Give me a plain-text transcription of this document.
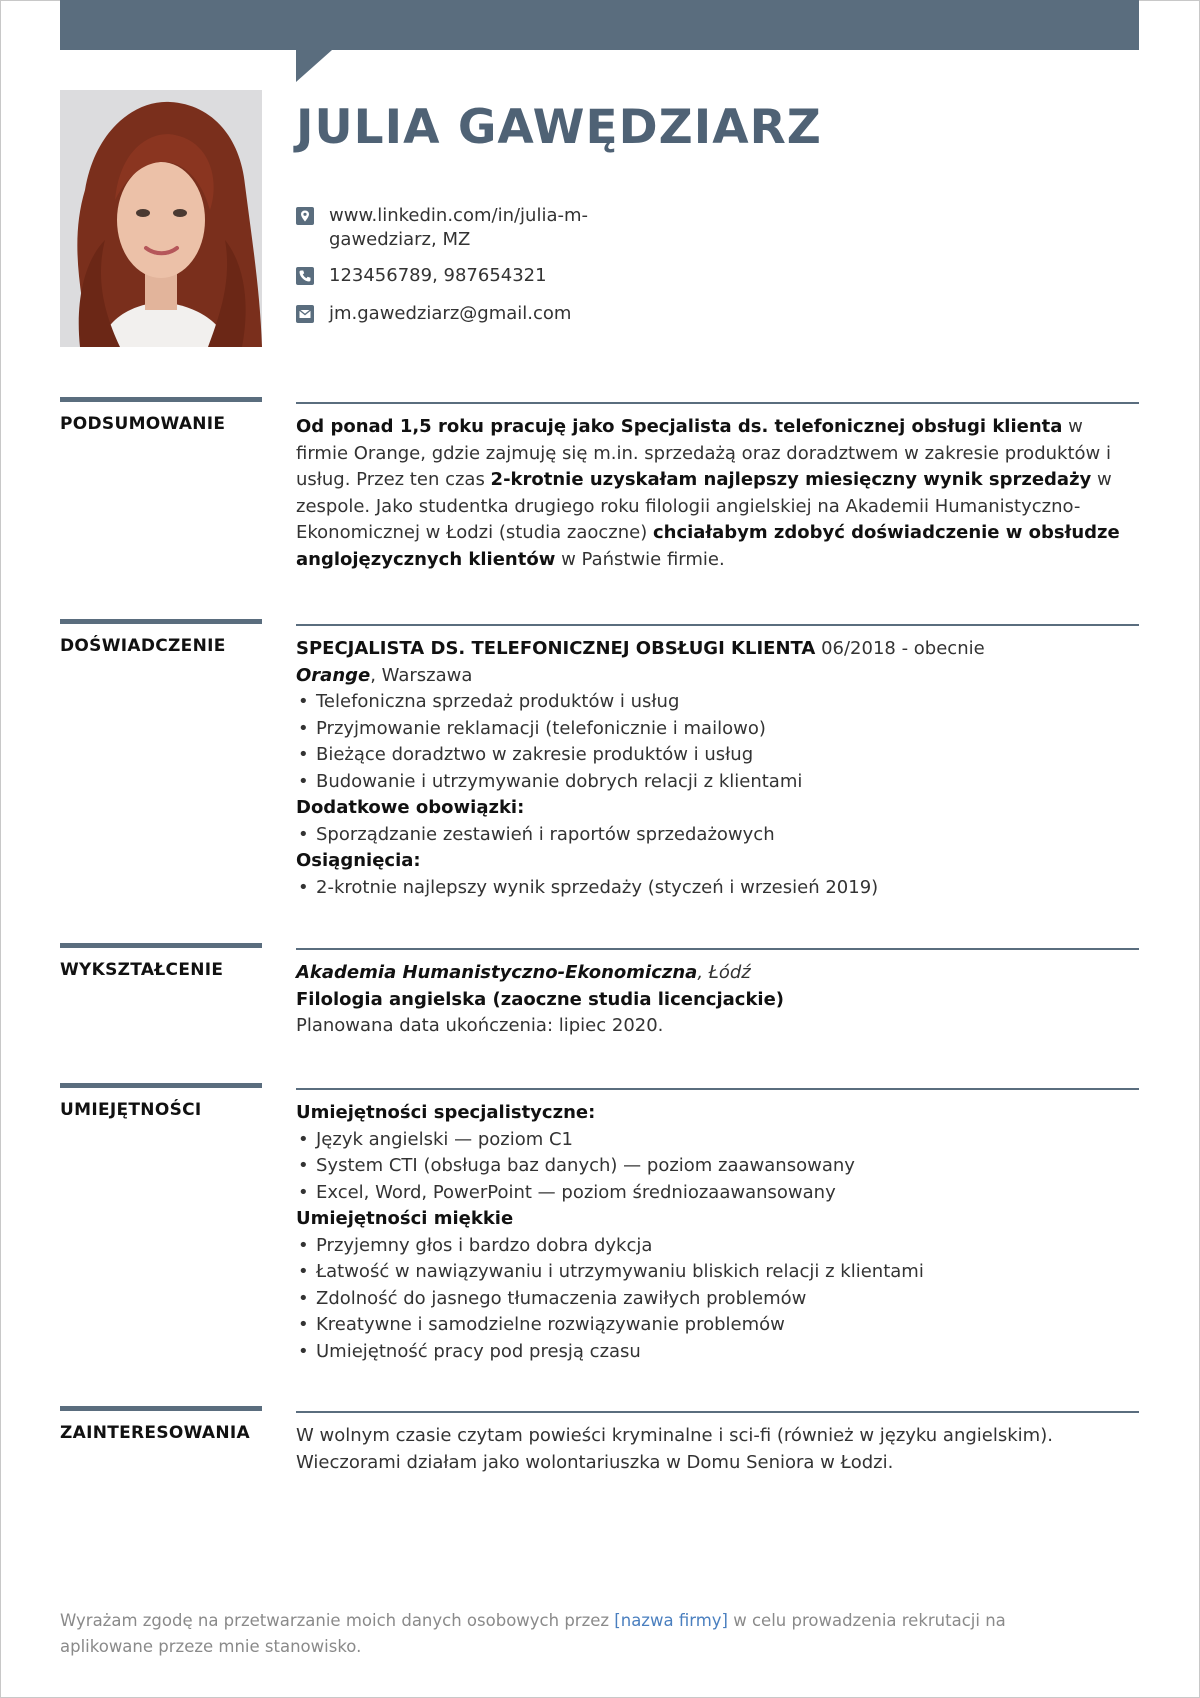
JULIA GAWĘDZIARZ
www.linkedin.com/in/julia-m-gawedziarz, MZ
123456789, 987654321
jm.gawedziarz@gmail.com
PODSUMOWANIE	Od ponad 1,5 roku pracuję jako Specjalista ds. telefonicznej obsługi klienta w firmie Orange, gdzie zajmuję się m.in. sprzedażą oraz doradztwem w zakresie produktów i usług. Przez ten czas 2-krotnie uzyskałam najlepszy miesięczny wynik sprzedaży w zespole. Jako studentka drugiego roku filologii angielskiej na Akademii Humanistyczno-Ekonomicznej w Łodzi (studia zaoczne) chciałabym zdobyć doświadczenie w obsłudze anglojęzycznych klientów w Państwie firmie.

DOŚWIADCZENIE	SPECJALISTA DS. TELEFONICZNEJ OBSŁUGI KLIENTA 06/2018 - obecnie

Orange, Warszawa

• Telefoniczna sprzedaż produktów i usług
• Przyjmowanie reklamacji (telefonicznie i mailowo)
• Bieżące doradztwo w zakresie produktów i usług
• Budowanie i utrzymywanie dobrych relacji z klientami

Dodatkowe obowiązki:

• Sporządzanie zestawień i raportów sprzedażowych

Osiągnięcia:

• 2-krotnie najlepszy wynik sprzedaży (styczeń i wrzesień 2019)
WYKSZTAŁCENIE	Akademia Humanistyczno-Ekonomiczna, Łódź

Filologia angielska (zaoczne studia licencjackie)

Planowana data ukończenia: lipiec 2020.

UMIEJĘTNOŚCI	Umiejętności specjalistyczne:

• Język angielski — poziom C1
• System CTI (obsługa baz danych) — poziom zaawansowany
• Excel, Word, PowerPoint — poziom średniozaawansowany

Umiejętności miękkie

• Przyjemny głos i bardzo dobra dykcja
• Łatwość w nawiązywaniu i utrzymywaniu bliskich relacji z klientami
• Zdolność do jasnego tłumaczenia zawiłych problemów
• Kreatywne i samodzielne rozwiązywanie problemów
• Umiejętność pracy pod presją czasu
ZAINTERESOWANIA	W wolnym czasie czytam powieści kryminalne i sci-fi (również w języku angielskim). Wieczorami działam jako wolontariuszka w Domu Seniora w Łodzi.

Wyrażam zgodę na przetwarzanie moich danych osobowych przez [nazwa firmy] w celu prowadzenia rekrutacji na aplikowane przeze mnie stanowisko.
